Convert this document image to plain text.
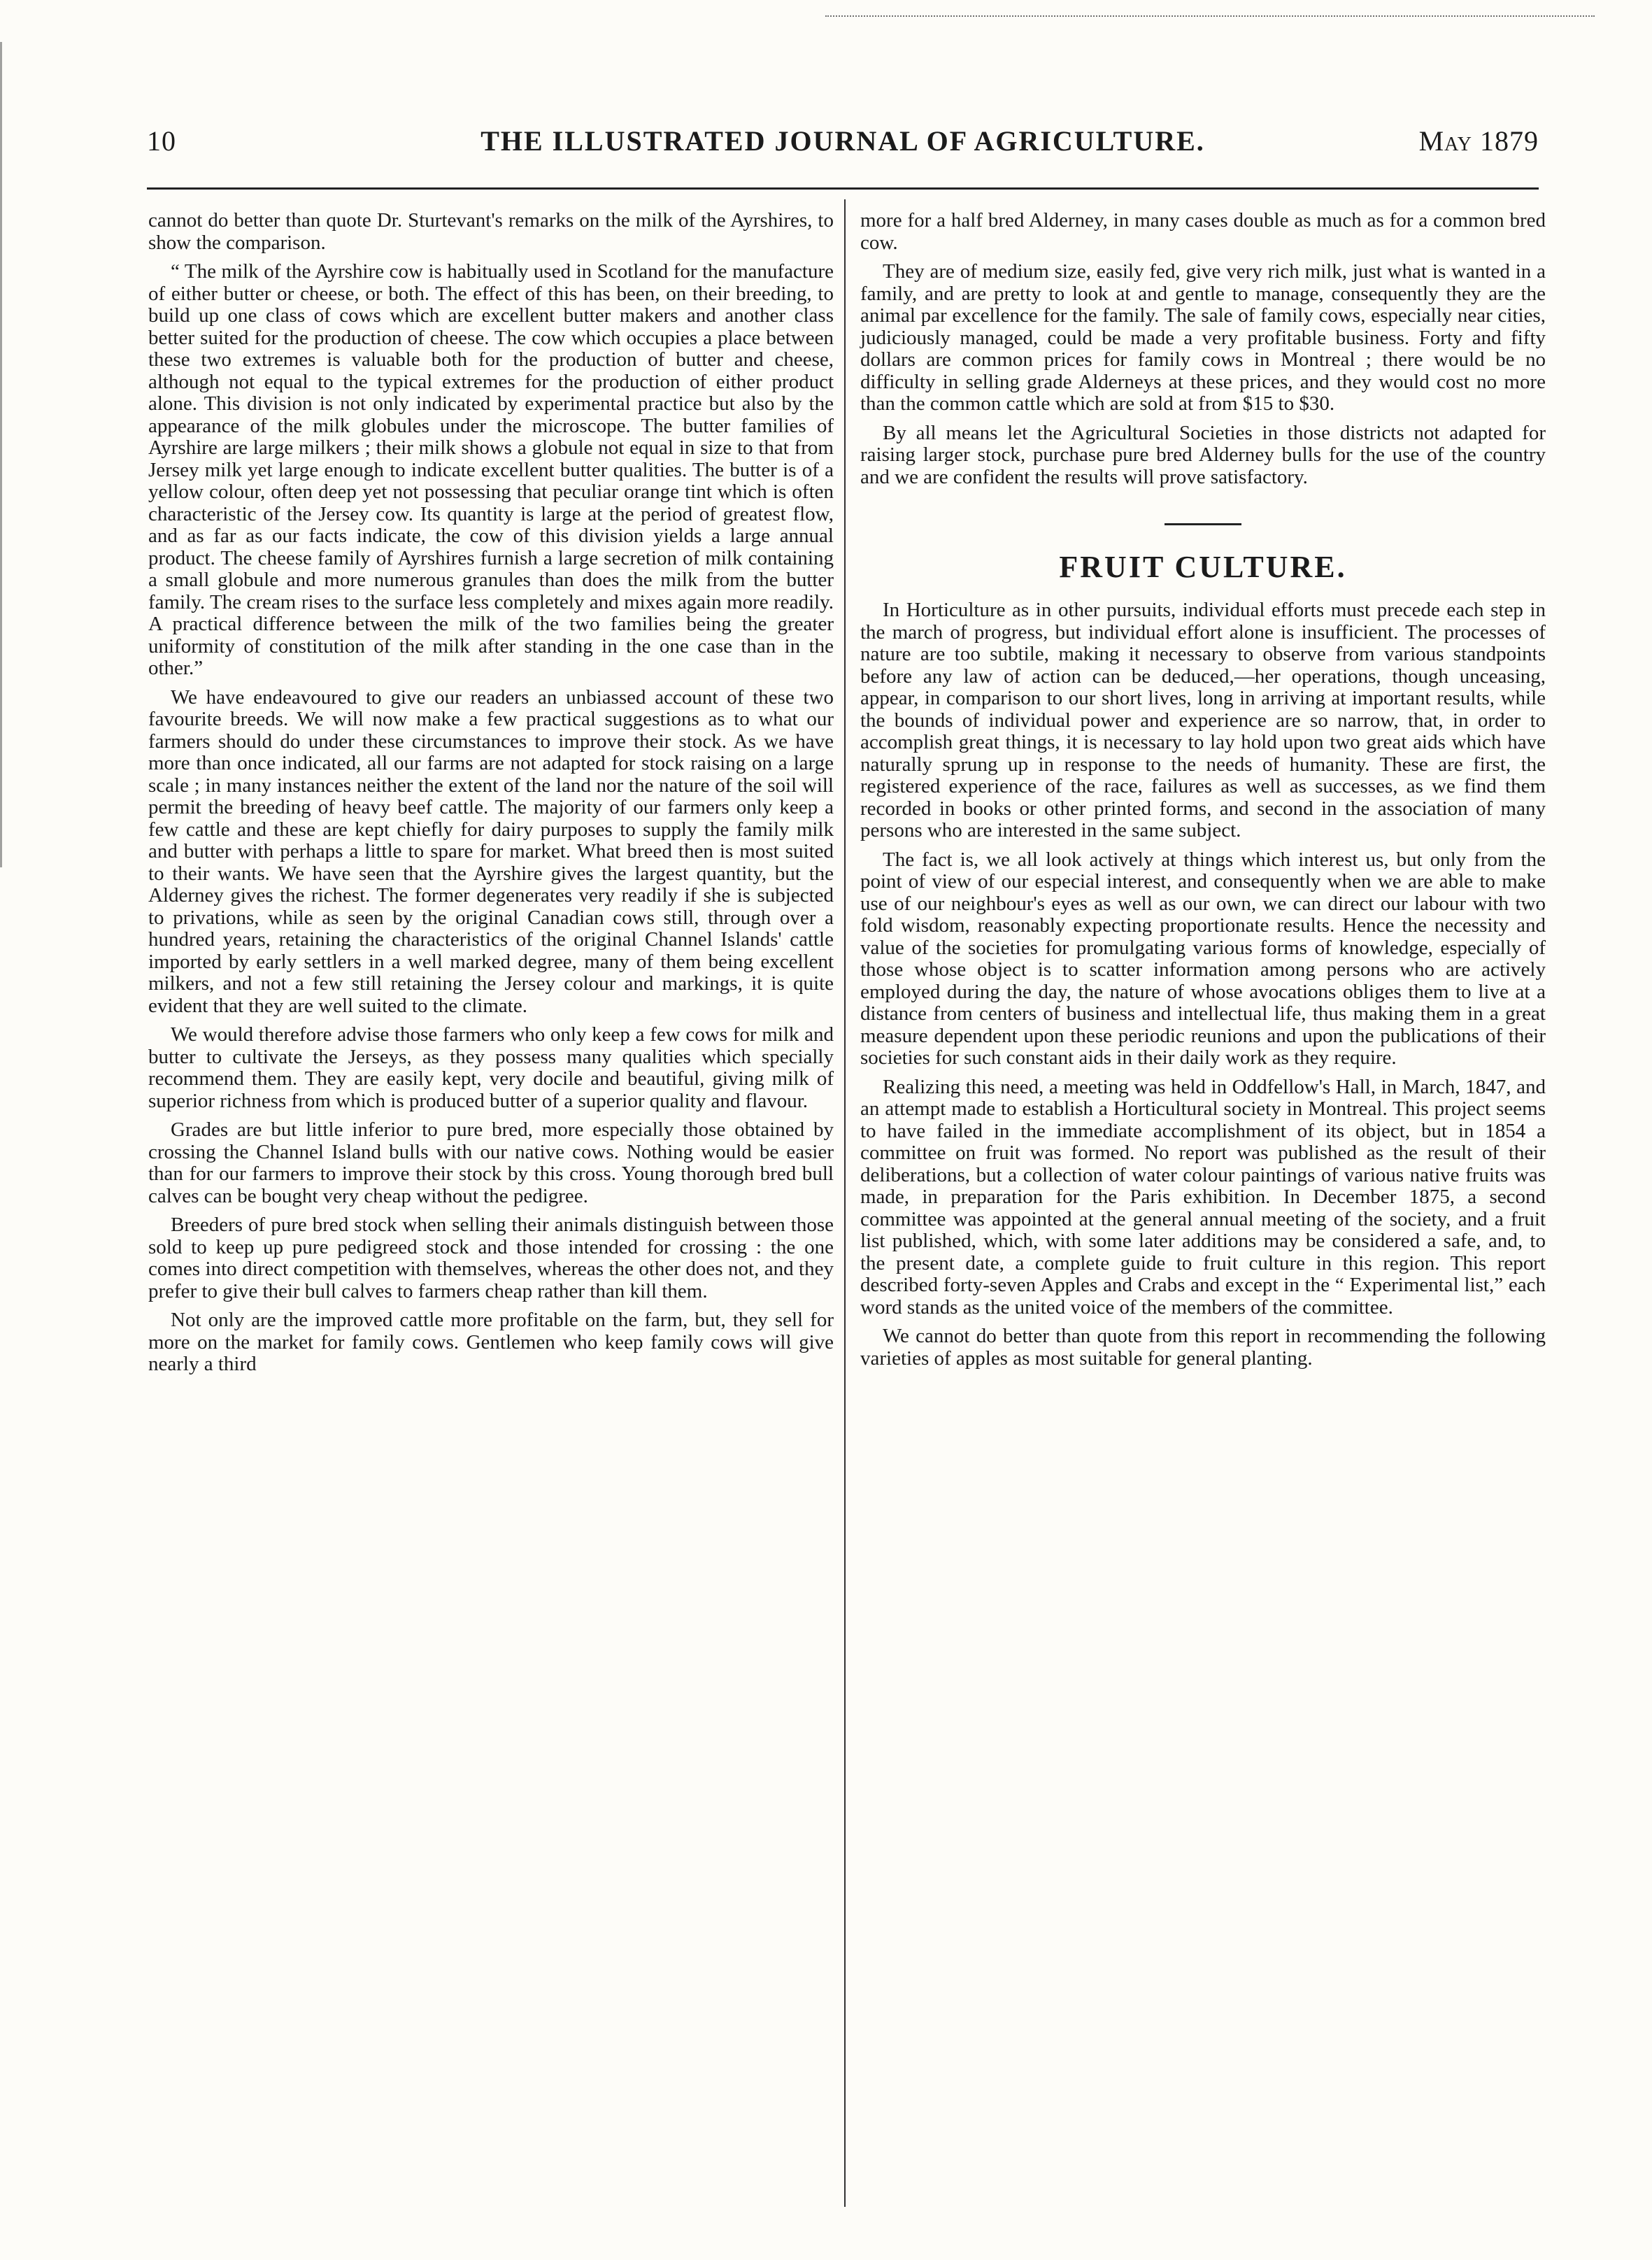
10	THE ILLUSTRATED JOURNAL OF AGRICULTURE.	May 1879

cannot do better than quote Dr. Sturtevant's remarks on the milk of the Ayrshires, to show the comparison.

“ The milk of the Ayrshire cow is habitually used in Scotland for the manufacture of either butter or cheese, or both. The effect of this has been, on their breeding, to build up one class of cows which are excellent butter makers and another class better suited for the production of cheese. The cow which occupies a place between these two extremes is valuable both for the production of butter and cheese, although not equal to the typical extremes for the production of either product alone. This division is not only indicated by experimental practice but also by the appearance of the milk globules under the microscope. The butter families of Ayrshire are large milkers ; their milk shows a globule not equal in size to that from Jersey milk yet large enough to indicate excellent butter qualities. The butter is of a yellow colour, often deep yet not possessing that peculiar orange tint which is often characteristic of the Jersey cow. Its quantity is large at the period of greatest flow, and as far as our facts indicate, the cow of this division yields a large annual product. The cheese family of Ayrshires furnish a large secretion of milk containing a small globule and more numerous granules than does the milk from the butter family. The cream rises to the surface less completely and mixes again more readily. A practical difference between the milk of the two families being the greater uniformity of constitution of the milk after standing in the one case than in the other.”

We have endeavoured to give our readers an unbiassed account of these two favourite breeds. We will now make a few practical suggestions as to what our farmers should do under these circumstances to improve their stock. As we have more than once indicated, all our farms are not adapted for stock raising on a large scale ; in many instances neither the extent of the land nor the nature of the soil will permit the breeding of heavy beef cattle. The majority of our farmers only keep a few cattle and these are kept chiefly for dairy purposes to supply the family milk and butter with perhaps a little to spare for market. What breed then is most suited to their wants. We have seen that the Ayrshire gives the largest quantity, but the Alderney gives the richest. The former degenerates very readily if she is subjected to privations, while as seen by the original Canadian cows still, through over a hundred years, retaining the characteristics of the original Channel Islands' cattle imported by early settlers in a well marked degree, many of them being excellent milkers, and not a few still retaining the Jersey colour and markings, it is quite evident that they are well suited to the climate.

We would therefore advise those farmers who only keep a few cows for milk and butter to cultivate the Jerseys, as they possess many qualities which specially recommend them. They are easily kept, very docile and beautiful, giving milk of superior richness from which is produced butter of a superior quality and flavour.

Grades are but little inferior to pure bred, more especially those obtained by crossing the Channel Island bulls with our native cows. Nothing would be easier than for our farmers to improve their stock by this cross. Young thorough bred bull calves can be bought very cheap without the pedigree.

Breeders of pure bred stock when selling their animals distinguish between those sold to keep up pure pedigreed stock and those intended for crossing : the one comes into direct competition with themselves, whereas the other does not, and they prefer to give their bull calves to farmers cheap rather than kill them.

Not only are the improved cattle more profitable on the farm, but, they sell for more on the market for family cows. Gentlemen who keep family cows will give nearly a third

more for a half bred Alderney, in many cases double as much as for a common bred cow.

They are of medium size, easily fed, give very rich milk, just what is wanted in a family, and are pretty to look at and gentle to manage, consequently they are the animal par excellence for the family. The sale of family cows, especially near cities, judiciously managed, could be made a very profitable business. Forty and fifty dollars are common prices for family cows in Montreal ; there would be no difficulty in selling grade Alderneys at these prices, and they would cost no more than the common cattle which are sold at from $15 to $30.

By all means let the Agricultural Societies in those districts not adapted for raising larger stock, purchase pure bred Alderney bulls for the use of the country and we are confident the results will prove satisfactory.

FRUIT CULTURE.

In Horticulture as in other pursuits, individual efforts must precede each step in the march of progress, but individual effort alone is insufficient. The processes of nature are too subtile, making it necessary to observe from various standpoints before any law of action can be deduced,—her operations, though unceasing, appear, in comparison to our short lives, long in arriving at important results, while the bounds of individual power and experience are so narrow, that, in order to accomplish great things, it is necessary to lay hold upon two great aids which have naturally sprung up in response to the needs of humanity. These are first, the registered experience of the race, failures as well as successes, as we find them recorded in books or other printed forms, and second in the association of many persons who are interested in the same subject.

The fact is, we all look actively at things which interest us, but only from the point of view of our especial interest, and consequently when we are able to make use of our neighbour's eyes as well as our own, we can direct our labour with two fold wisdom, reasonably expecting proportionate results. Hence the necessity and value of the societies for promulgating various forms of knowledge, especially of those whose object is to scatter information among persons who are actively employed during the day, the nature of whose avocations obliges them to live at a distance from centers of business and intellectual life, thus making them in a great measure dependent upon these periodic reunions and upon the publications of their societies for such constant aids in their daily work as they require.

Realizing this need, a meeting was held in Oddfellow's Hall, in March, 1847, and an attempt made to establish a Horticultural society in Montreal. This project seems to have failed in the immediate accomplishment of its object, but in 1854 a committee on fruit was formed. No report was published as the result of their deliberations, but a collection of water colour paintings of various native fruits was made, in preparation for the Paris exhibition. In December 1875, a second committee was appointed at the general annual meeting of the society, and a fruit list published, which, with some later additions may be considered a safe, and, to the present date, a complete guide to fruit culture in this region. This report described forty-seven Apples and Crabs and except in the “ Experimental list,” each word stands as the united voice of the members of the committee.

We cannot do better than quote from this report in recommending the following varieties of apples as most suitable for general planting.
